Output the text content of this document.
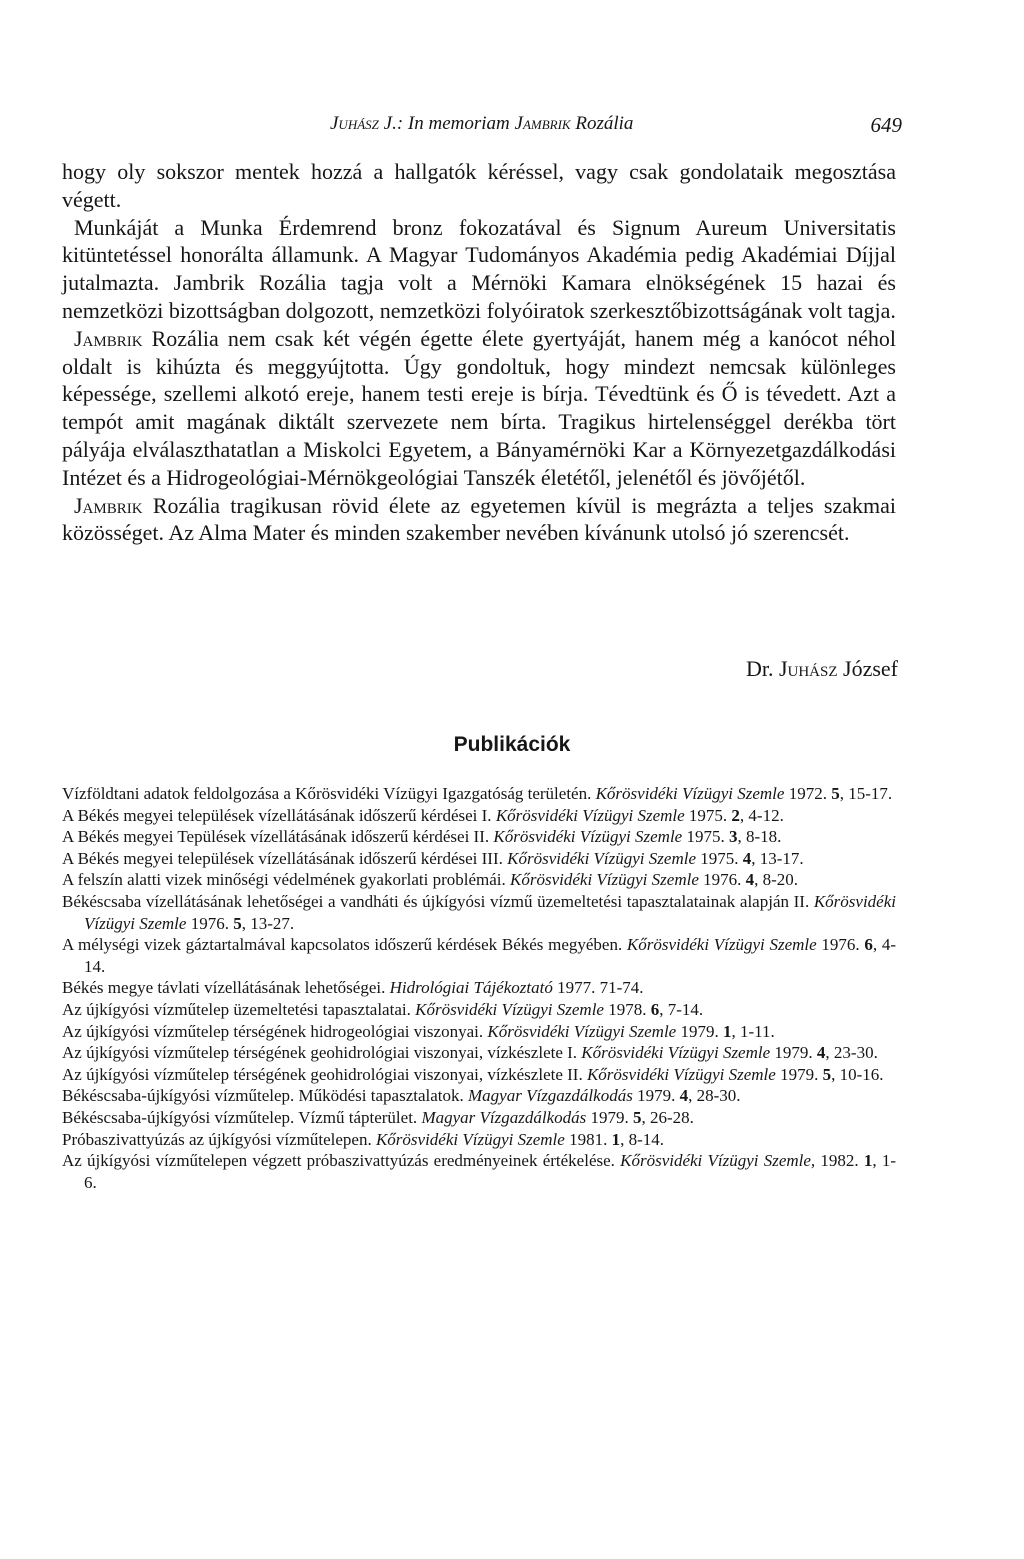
Juhász J.: In memoriam Jambrik Rozália	649

hogy oly sokszor mentek hozzá a hallgatók kéréssel, vagy csak gondolataik megosztása végett.

Munkáját a Munka Érdemrend bronz fokozatával és Signum Aureum Universitatis kitüntetéssel honorálta államunk. A Magyar Tudományos Akadémia pedig Akadémiai Díjjal jutalmazta. Jambrik Rozália tagja volt a Mérnöki Kamara elnökségének 15 hazai és nemzetközi bizottságban dolgozott, nemzetközi folyóiratok szerkesztőbizottságának volt tagja.

Jambrik Rozália nem csak két végén égette élete gyertyáját, hanem még a kanócot néhol oldalt is kihúzta és meggyújtotta. Úgy gondoltuk, hogy mindezt nemcsak különleges képessége, szellemi alkotó ereje, hanem testi ereje is bírja. Tévedtünk és Ő is tévedett. Azt a tempót amit magának diktált szervezete nem bírta. Tragikus hirtelenséggel derékba tört pályája elválaszthatatlan a Miskolci Egyetem, a Bányamérnöki Kar a Környezetgazdálkodási Intézet és a Hidrogeológiai-Mérnökgeológiai Tanszék életétől, jelenétől és jövőjétől.

Jambrik Rozália tragikusan rövid élete az egyetemen kívül is megrázta a teljes szakmai közösséget. Az Alma Mater és minden szakember nevében kívánunk utolsó jó szerencsét.

Dr. Juhász József
Publikációk
Vízföldtani adatok feldolgozása a Kőrösvidéki Vízügyi Igazgatóság területén. Kőrösvidéki Vízügyi Szemle 1972. 5, 15-17.
A Békés megyei települések vízellátásának időszerű kérdései I. Kőrösvidéki Vízügyi Szemle 1975. 2, 4-12.
A Békés megyei Tepülések vízellátásának időszerű kérdései II. Kőrösvidéki Vízügyi Szemle 1975. 3, 8-18.
A Békés megyei települések vízellátásának időszerű kérdései III. Kőrösvidéki Vízügyi Szemle 1975. 4, 13-17.
A felszín alatti vizek minőségi védelmének gyakorlati problémái. Kőrösvidéki Vízügyi Szemle 1976. 4, 8-20.
Békéscsaba vízellátásának lehetőségei a vandháti és újkígyósi vízmű üzemeltetési tapasztalatainak alapján II. Kőrösvidéki Vízügyi Szemle 1976. 5, 13-27.
A mélységi vizek gáztartalmával kapcsolatos időszerű kérdések Békés megyében. Kőrösvidéki Vízügyi Szemle 1976. 6, 4-14.
Békés megye távlati vízellátásának lehetőségei. Hidrológiai Tájékoztató 1977. 71-74.
Az újkígyósi vízműtelep üzemeltetési tapasztalatai. Kőrösvidéki Vízügyi Szemle 1978. 6, 7-14.
Az újkígyósi vízműtelep térségének hidrogeológiai viszonyai. Kőrösvidéki Vízügyi Szemle 1979. 1, 1-11.
Az újkígyósi vízműtelep térségének geohidrológiai viszonyai, vízkészlete I. Kőrösvidéki Vízügyi Szemle 1979. 4, 23-30.
Az újkígyósi vízműtelep térségének geohidrológiai viszonyai, vízkészlete II. Kőrösvidéki Vízügyi Szemle 1979. 5, 10-16.
Békéscsaba-újkígyósi vízműtelep. Működési tapasztalatok. Magyar Vízgazdálkodás 1979. 4, 28-30.
Békéscsaba-újkígyósi vízműtelep. Vízmű tápterület. Magyar Vízgazdálkodás 1979. 5, 26-28.
Próbaszivattyúzás az újkígyósi vízműtelepen. Kőrösvidéki Vízügyi Szemle 1981. 1, 8-14.
Az újkígyósi vízműtelepen végzett próbaszivattyúzás eredményeinek értékelése. Kőrösvidéki Vízügyi Szemle, 1982. 1, 1-6.
